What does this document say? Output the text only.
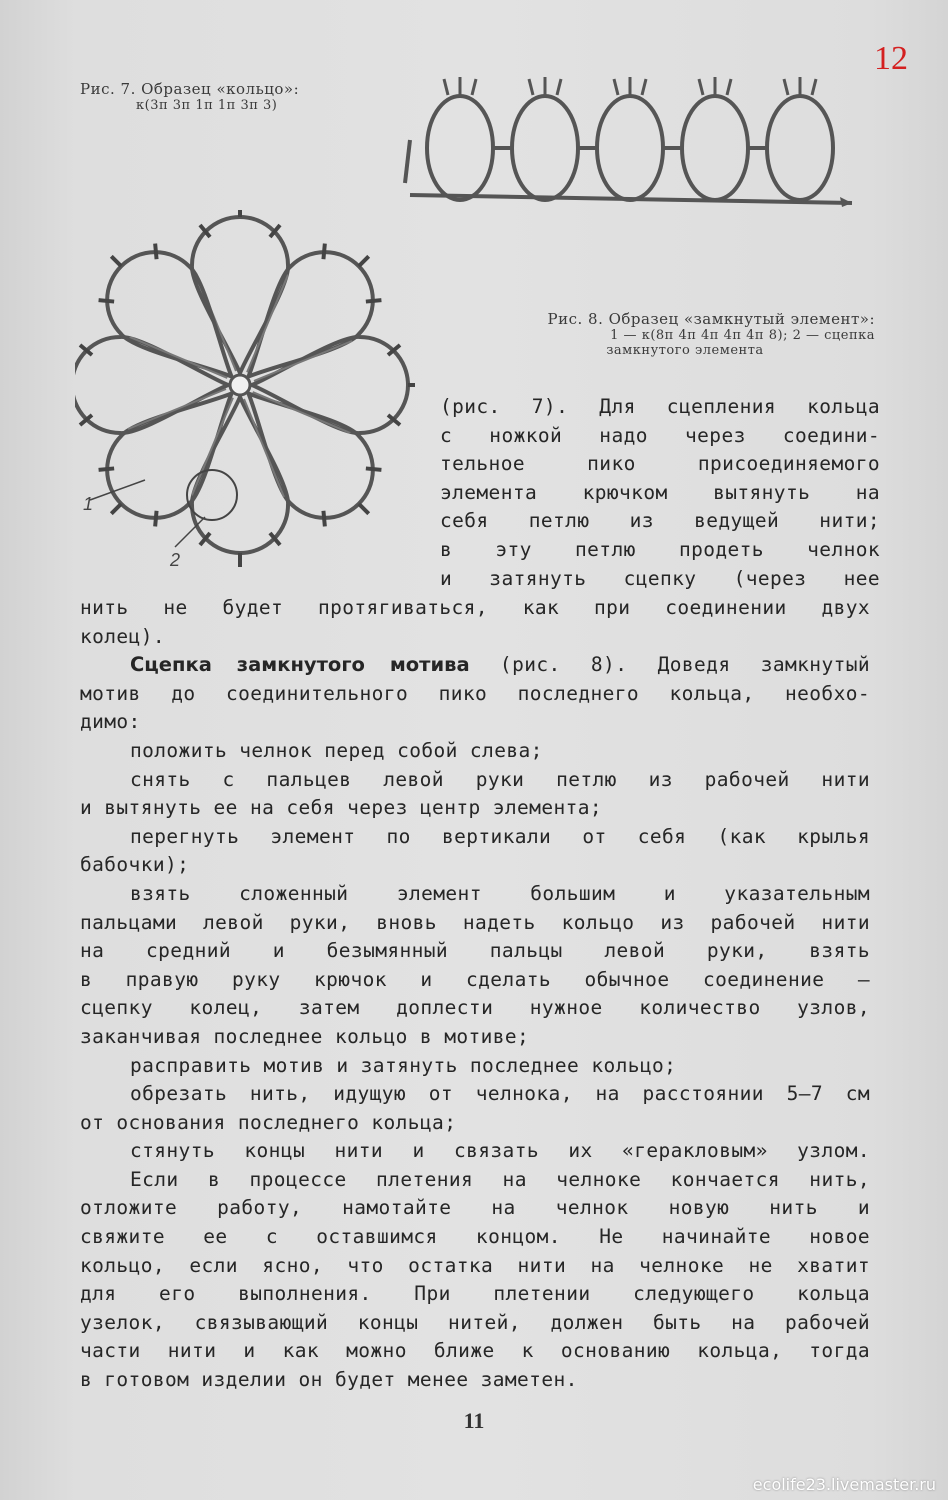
12
Рис. 7. Образец «кольцо»:
к(3п 3п 1п 1п 3п 3)
1
2
Рис. 8. Образец «замкнутый элемент»:
1 — к(8п 4п 4п 4п 4п 8); 2 — сцепка
замкнутого элемента

(рис. 7). Для сцепления кольца

с ножкой надо через соедини-

тельное пико присоединяемого

элемента крючком вытянуть на

себя петлю из ведущей нити;

в эту петлю продеть челнок

и затянуть сцепку (через нее

нить не будет протягиваться, как при соединении двух

колец).

Сцепка замкнутого мотива (рис. 8). Доведя замкнутый

мотив до соединительного пико последнего кольца, необхо-

димо:

положить челнок перед собой слева;

снять с пальцев левой руки петлю из рабочей нити

и вытянуть ее на себя через центр элемента;

перегнуть элемент по вертикали от себя (как крылья

бабочки);

взять сложенный элемент большим и указательным

пальцами левой руки, вновь надеть кольцо из рабочей нити

на средний и безымянный пальцы левой руки, взять

в правую руку крючок и сделать обычное соединение —

сцепку колец, затем доплести нужное количество узлов,

заканчивая последнее кольцо в мотиве;

расправить мотив и затянуть последнее кольцо;

обрезать нить, идущую от челнока, на расстоянии 5—7 см

от основания последнего кольца;

стянуть концы нити и связать их «геракловым» узлом.

Если в процессе плетения на челноке кончается нить,

отложите работу, намотайте на челнок новую нить и

свяжите ее с оставшимся концом. Не начинайте новое

кольцо, если ясно, что остатка нити на челноке не хватит

для его выполнения. При плетении следующего кольца

узелок, связывающий концы нитей, должен быть на рабочей

части нити и как можно ближе к основанию кольца, тогда

в готовом изделии он будет менее заметен.

11
ecolife23.livemaster.ru
